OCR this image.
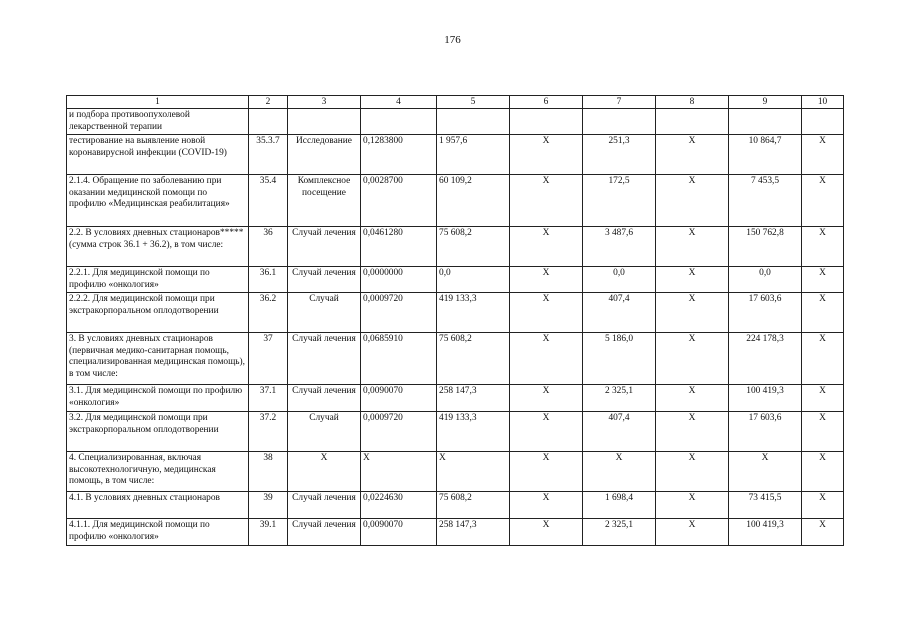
176
1	2	3	4	5	6	7	8	9	10
и подбора противоопухолевой лекарственной терапии									
тестирование на выявление новой коронавирусной инфекции (COVID-19)	35.3.7	Исследование	0,1283800	1 957,6	X	251,3	X	10 864,7	X
2.1.4. Обращение по заболеванию при оказании медицинской помощи по профилю «Медицинская реабилитация»	35.4	Комплексное посещение	0,0028700	60 109,2	X	172,5	X	7 453,5	X
2.2. В условиях дневных стационаров***** (сумма строк 36.1 + 36.2), в том числе:	36	Случай лечения	0,0461280	75 608,2	X	3 487,6	X	150 762,8	X
2.2.1. Для медицинской помощи по профилю «онкология»	36.1	Случай лечения	0,0000000	0,0	X	0,0	X	0,0	X
2.2.2. Для медицинской помощи при экстракорпоральном оплодотворении	36.2	Случай	0,0009720	419 133,3	X	407,4	X	17 603,6	X
3. В условиях дневных стационаров (первичная медико-санитарная помощь, специализированная медицинская помощь), в том числе:	37	Случай лечения	0,0685910	75 608,2	X	5 186,0	X	224 178,3	X
3.1. Для медицинской помощи по профилю «онкология»	37.1	Случай лечения	0,0090070	258 147,3	X	2 325,1	X	100 419,3	X
3.2. Для медицинской помощи при экстракорпоральном оплодотворении	37.2	Случай	0,0009720	419 133,3	X	407,4	X	17 603,6	X
4. Специализированная, включая высокотехнологичную, медицинская помощь, в том числе:	38	X	X	X	X	X	X	X	X
4.1. В условиях дневных стационаров	39	Случай лечения	0,0224630	75 608,2	X	1 698,4	X	73 415,5	X
4.1.1. Для медицинской помощи по профилю «онкология»	39.1	Случай лечения	0,0090070	258 147,3	X	2 325,1	X	100 419,3	X
